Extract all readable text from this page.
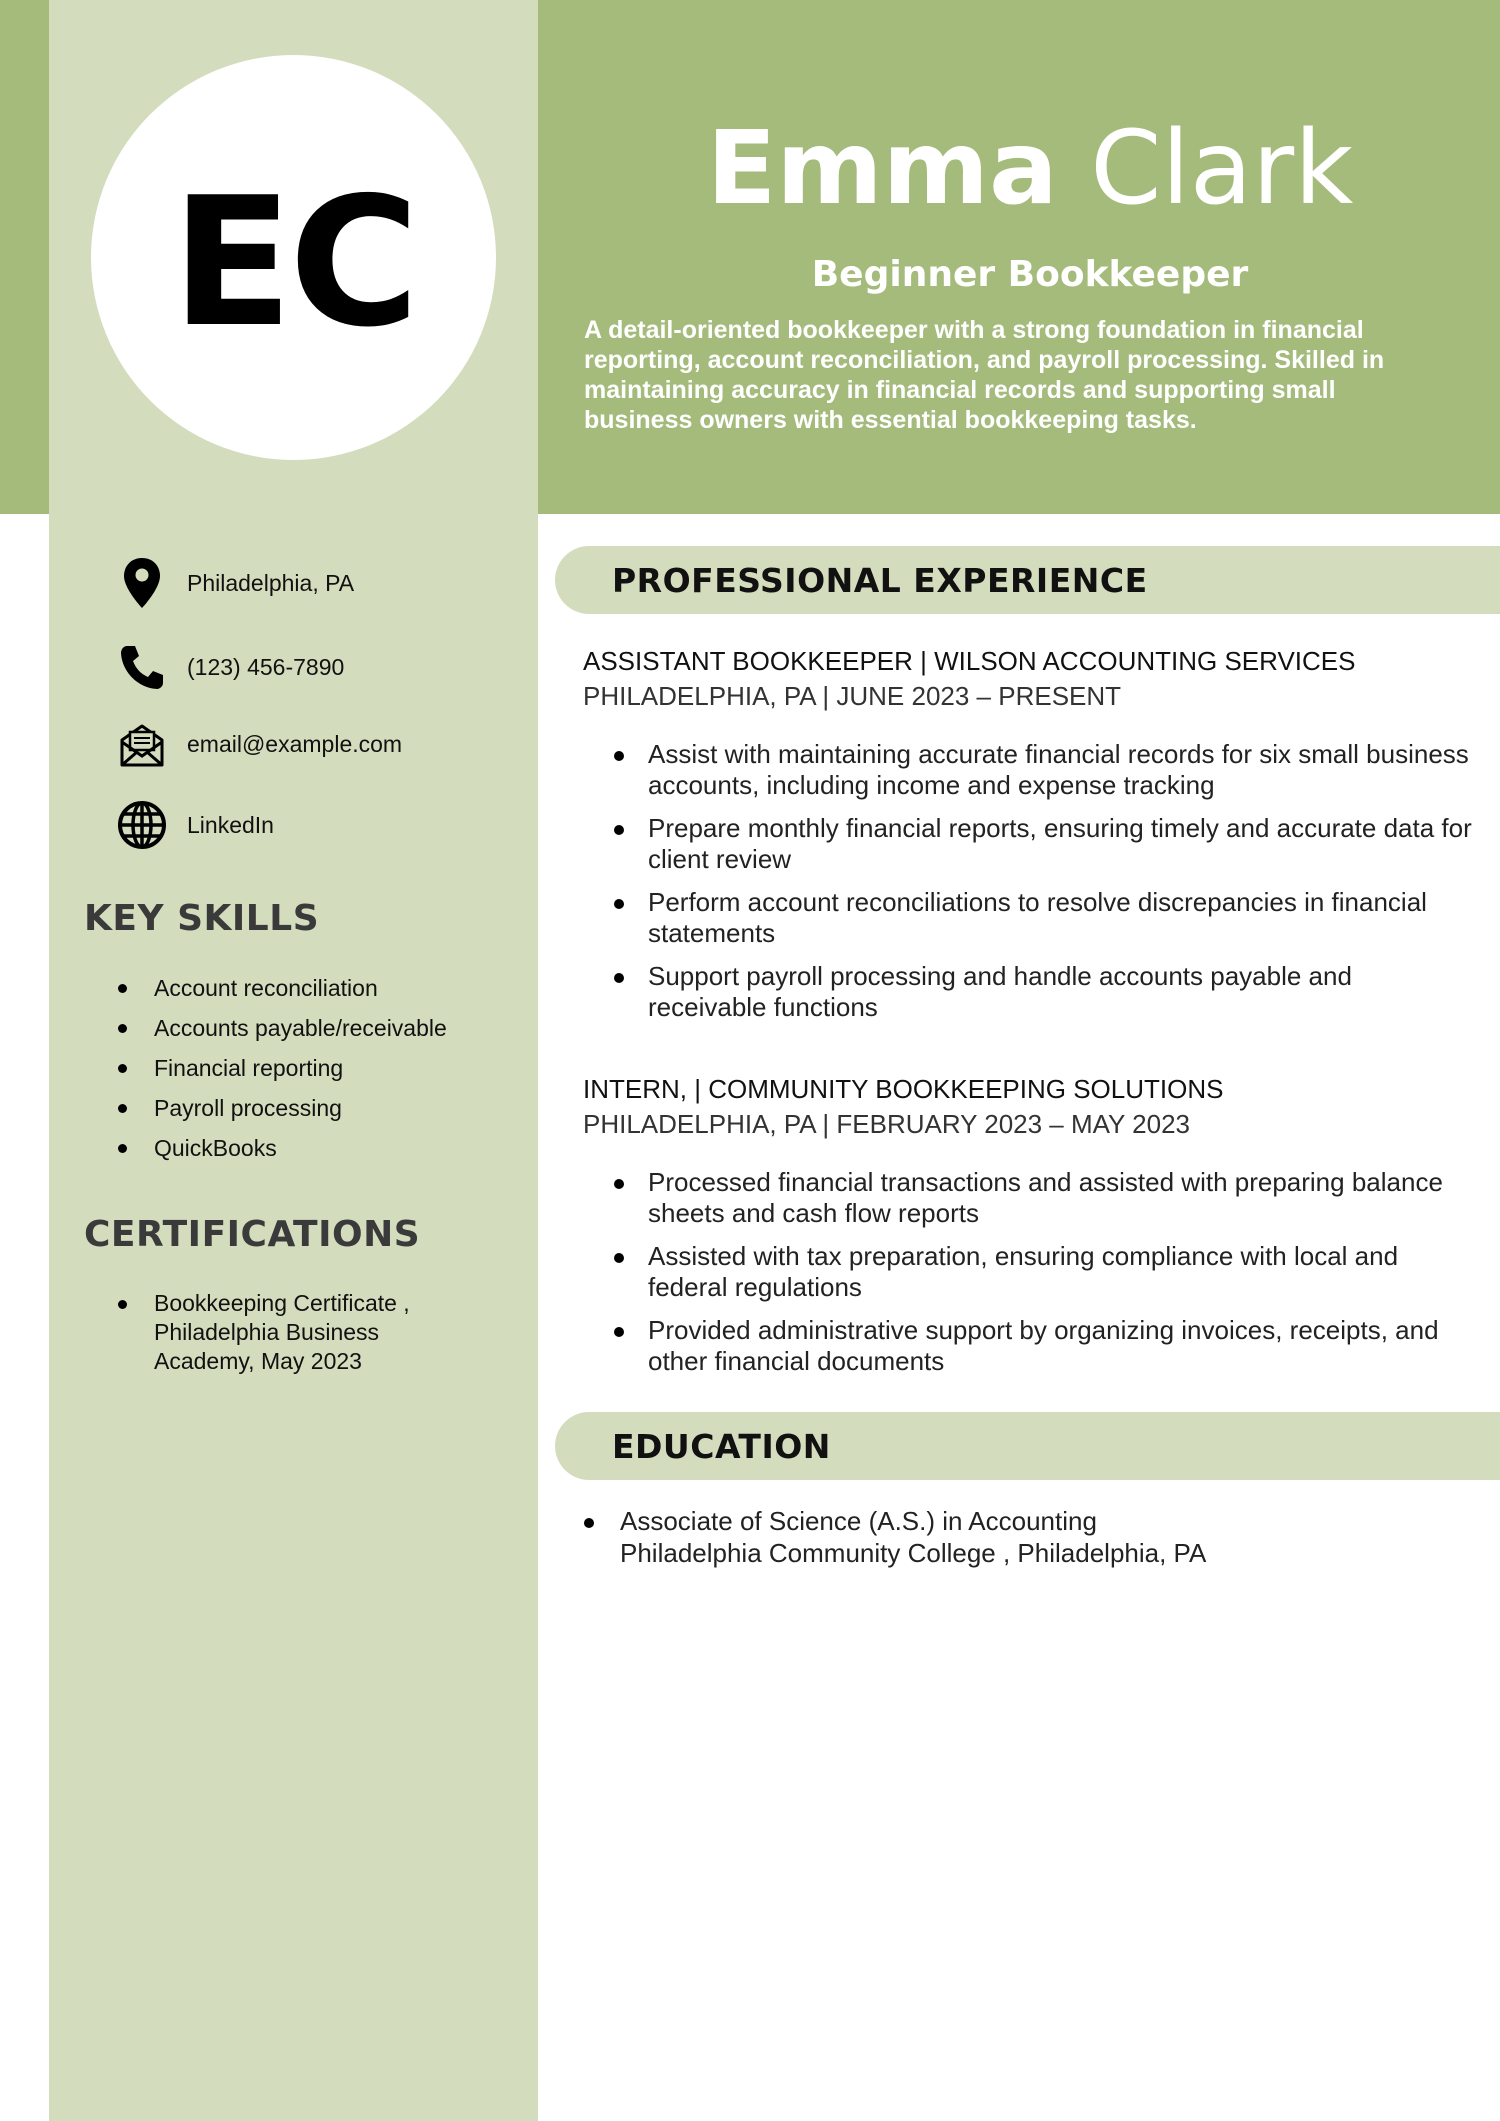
EC	Emma Clark
Beginner Bookkeeper
A detail-oriented bookkeeper with a strong foundation in financial reporting, account reconciliation, and payroll processing. Skilled in maintaining accuracy in financial records and supporting small business owners with essential bookkeeping tasks.
Philadelphia, PA
(123) 456-7890
email@example.com
LinkedIn
KEY SKILLS
Account reconciliation
Accounts payable/receivable
Financial reporting
Payroll processing
QuickBooks
CERTIFICATIONS
Bookkeeping Certificate , Philadelphia Business Academy, May 2023
PROFESSIONAL EXPERIENCE
ASSISTANT BOOKKEEPER | WILSON ACCOUNTING SERVICES
PHILADELPHIA, PA | JUNE 2023 – PRESENT
Assist with maintaining accurate financial records for six small business accounts, including income and expense tracking
Prepare monthly financial reports, ensuring timely and accurate data for client review
Perform account reconciliations to resolve discrepancies in financial statements
Support payroll processing and handle accounts payable and receivable functions
INTERN, | COMMUNITY BOOKKEEPING SOLUTIONS
PHILADELPHIA, PA | FEBRUARY 2023 – MAY 2023
Processed financial transactions and assisted with preparing balance sheets and cash flow reports
Assisted with tax preparation, ensuring compliance with local and federal regulations
Provided administrative support by organizing invoices, receipts, and other financial documents
EDUCATION
Associate of Science (A.S.) in Accounting
Philadelphia Community College , Philadelphia, PA
